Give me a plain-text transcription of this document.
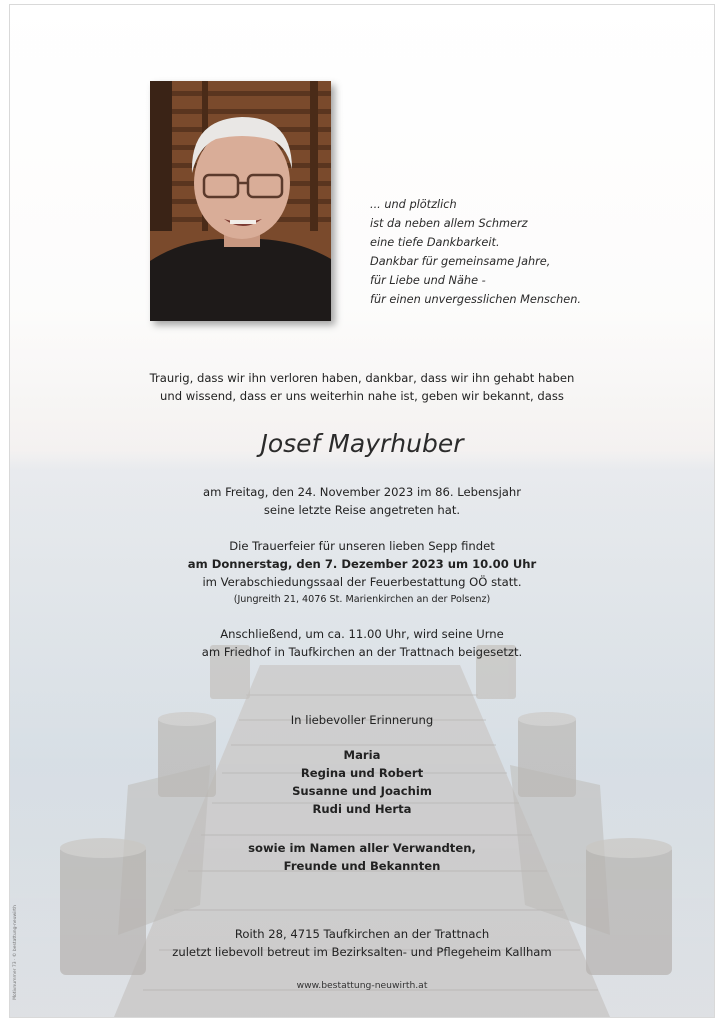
... und plötzlich
ist da neben allem Schmerz
eine tiefe Dankbarkeit.
Dankbar für gemeinsame Jahre,
für Liebe und Nähe -
für einen unvergesslichen Menschen.
Traurig, dass wir ihn verloren haben, dankbar, dass wir ihn gehabt haben
und wissend, dass er uns weiterhin nahe ist, geben wir bekannt, dass
Josef Mayrhuber
am Freitag, den 24. November 2023 im 86. Lebensjahr
seine letzte Reise angetreten hat.
Die Trauerfeier für unseren lieben Sepp findet
am Donnerstag, den 7. Dezember 2023 um 10.00 Uhr
im Verabschiedungssaal der Feuerbestattung OÖ statt.
(Jungreith 21, 4076 St. Marienkirchen an der Polsenz)
Anschließend, um ca. 11.00 Uhr, wird seine Urne
am Friedhof in Taufkirchen an der Trattnach beigesetzt.
In liebevoller Erinnerung
Maria
Regina und Robert
Susanne und Joachim
Rudi und Herta
sowie im Namen aller Verwandten,
Freunde und Bekannten
Roith 28, 4715 Taufkirchen an der Trattnach
zuletzt liebevoll betreut im Bezirksalten- und Pflegeheim Kallham
www.bestattung-neuwirth.at
Motivnummer 73 · © bestattung-neuwirth
